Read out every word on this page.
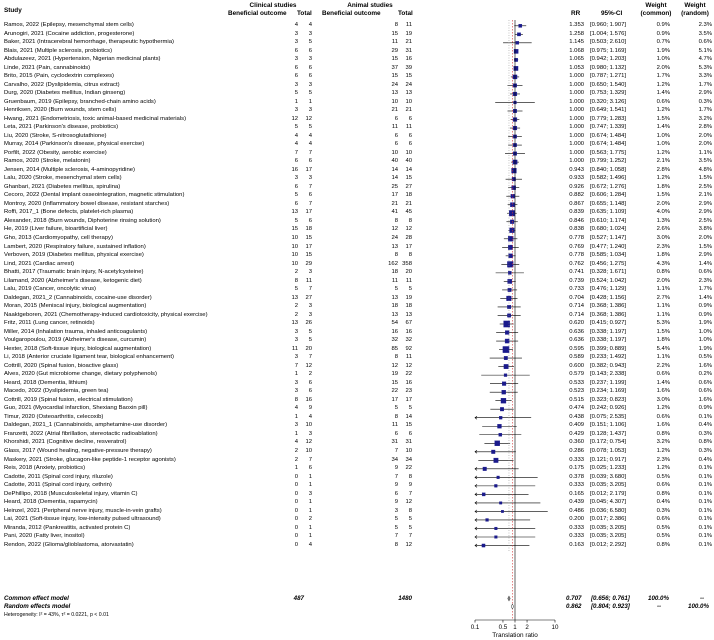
Study
Clinical studies	Animal studies
Beneficial outcome Total Beneficial outcome	Total	RR	95%-CI
Weight
(common)
Weight
(random)
Ramos, 2022 (Epilepsy, mesenchymal stem cells)	4	4	8	11	1.353 [0.960; 1.907]	0.9%	2.3%
Arunogiri, 2021 (Cocaine addiction, progesterone)	3	3	15	19	1.258 [1.004; 1.576]	0.9%	3.5%
Baker, 2021 (Intracerebral hemorrhage, therapeutic hypothermia)	3	5	11	21	1.145 [0.503; 2.610]	0.7%	0.6%
Blais, 2021 (Multiple sclerosis, probiotics)	6	6	29	31	1.068 [0.975; 1.169]	1.9%	5.1%
Abdulazeez, 2021 (Hypertension, Nigerian medicinal plants)	3	3	15	16	1.065 [0.942; 1.203]	1.0%	4.7%
Linde, 2021 (Pain, cannabinoids)	6	6	37	39	1.053 [0.980; 1.132]	2.0%	5.3%
Brito, 2015 (Pain, cyclodextrin complexes)	6	6	15	15	1.000 [0.787; 1.271]	1.7%	3.3%
Carvalho, 2022 (Dyslipidemia, citrus extract)	3	3	24	24	1.000 [0.650; 1.540]	1.2%	1.7%
Durg, 2020 (Diabetes mellitus, Indian ginseng)	5	5	13	13	1.000 [0.753; 1.329]	1.4%	2.9%
Gruenbaum, 2019 (Epilepsy, branched-chain amino acids)	1	1	10	10	1.000 [0.320; 3.126]	0.6%	0.3%
Henriksen, 2020 (Burn wounds, stem cells)	3	3	21	21	1.000 [0.649; 1.541]	1.2%	1.7%
Hwang, 2021 (Endometriosis, toxic animal-based medicinal materials)	12	12	6	6	1.000 [0.779; 1.283]	1.5%	3.2%
Leta, 2021 (Parkinson's disease, probiotics)	5	5	11	11	1.000 [0.747; 1.339]	1.4%	2.8%
Liu, 2020 (Stroke, S-nitrosoglutathione)	4	4	6	6	1.000 [0.674; 1.484]	1.0%	2.0%
Murray, 2014 (Parkinson's disease, physical exercise)	4	4	6	6	1.000 [0.674; 1.484]	1.0%	2.0%
Porfilt, 2022 (Obesity, aerobic exercise)	7	7	10	10	1.000 [0.563; 1.775]	1.2%	1.1%
Ramos, 2020 (Stroke, melatonin)	6	6	40	40	1.000 [0.799; 1.252]	2.1%	3.5%
Jensen, 2014 (Multiple sclerosis, 4-aminopyridine)	16	17	14	14	0.943 [0.840; 1.058]	2.8%	4.8%
Lalu, 2020 (Stroke, mesenchymal stem cells)	3	3	14	15	0.933 [0.582; 1.496]	1.2%	1.5%
Ghanbari, 2021 (Diabetes mellitus, spirulina)	6	7	25	27	0.926 [0.672; 1.276]	1.8%	2.5%
Cecoro, 2022 (Dental implant osseointegration, magnetic stimulation)	5	6	17	18	0.882 [0.606; 1.284]	1.5%	2.1%
Montroy, 2020 (Inflammatory bowel disease, resistant starches)	6	7	21	21	0.867 [0.655; 1.148]	2.0%	2.9%
Roffi, 2017_1 (Bone defects, platelet-rich plasma)	13	17	41	45	0.839 [0.635; 1.109]	4.0%	2.9%
Alexander, 2018 (Burn wounds, Diphoterine rinsing solution)	5	6	8	8	0.846 [0.610; 1.174]	1.3%	2.5%
He, 2019 (Liver failure, bioartificial liver)	15	18	12	12	0.838 [0.680; 1.024]	2.6%	3.8%
Gho, 2013 (Cardiomyopathy, cell therapy)	10	15	24	28	0.778 [0.527; 1.147]	3.0%	2.0%
Lambert, 2020 (Respiratory failure, sustained inflation)	10	17	13	17	0.769 [0.477; 1.240]	2.3%	1.5%
Verboven, 2019 (Diabetes mellitus, physical exercise)	10	15	8	8	0.778 [0.585; 1.034]	1.8%	2.9%
Lind, 2021 (Cardiac arrest)	10	29	162 358	0.762 [0.456; 1.275]	4.3%	1.4%
Bhatti, 2017 (Traumatic brain injury, N-acetylcysteine)	2	3	18	20	0.741 [0.328; 1.671]	0.8%	0.6%
Lilamand, 2020 (Alzheimer's disease, ketogenic diet)	8	11	11	11	0.739 [0.524; 1.042]	2.0%	2.3%
Lalu, 2019 (Cancer, oncolytic virus)	5	7	5	5	0.733 [0.476; 1.129]	1.1%	1.7%
Daldegan, 2021_2 (Cannabinoids, cocaine-use disorder)	13	27	13	19	0.704 [0.428; 1.156]	2.7%	1.4%
Moran, 2015 (Meniscal injury, biological augmentation)	2	3	18	18	0.714 [0.368; 1.386]	1.1%	0.9%
Naaktgeboren, 2021 (Chemotherapy-induced cardiotoxicity, physical exercise)	2	3	13	13	0.714 [0.368; 1.386]	1.1%	0.9%
Fritz, 2011 (Lung cancer, retinoids)	13	26	54	67	0.620 [0.415; 0.927]	5.3%	1.9%
Miller, 2014 (Inhalation trauma, inhaled anticoagulants)	3	5	16	16	0.636 [0.338; 1.197]	1.5%	1.0%
Voulgaropoulou, 2019 (Alzheimer's disease, curcumin)	3	5	32	32	0.636 [0.338; 1.197]	1.8%	1.0%
Hexter, 2018 (Soft-tissue injury, biological augmentation)	11	20	85	92	0.595 [0.399; 0.889]	5.4%	1.9%
Li, 2018 (Anterior cruciate ligament tear, biological enhancement)	3	7	8	11	0.589 [0.233; 1.492]	1.1%	0.5%
Cottrill, 2020 (Spinal fusion, bioactive glass)	7	12	12	12	0.600 [0.382; 0.943]	2.2%	1.6%
Alves, 2020 (Gut microbiome change, dietary polyphenols)	1	2	19	22	0.579 [0.143; 2.338]	0.6%	0.2%
Heard, 2018 (Dementia, lithium)	3	6	15	16	0.533 [0.237; 1.199]	1.4%	0.6%
Macedo, 2022 (Dyslipidemia, green tea)	3	6	22	23	0.523 [0.234; 1.169]	1.6%	0.6%
Cottrill, 2019 (Spinal fusion, electrical stimulation)	8	16	17	17	0.515 [0.323; 0.823]	3.0%	1.6%
Guo, 2021 (Myocardial infarction, Shexiang Baoxin pill)	4	9	5	5	0.474 [0.242; 0.926]	1.2%	0.9%
Timur, 2020 (Osteoarthritis, celecoxib)	1	4	8	14	0.438 [0.075; 2.535]	0.6%	0.1%
Daldegan, 2021_1 (Cannabinoids, amphetamine-use disorder)	3	10	11	15	0.409 [0.151; 1.106]	1.6%	0.4%
Franzetti, 2022 (Atrial fibrillation, stereotactic radioablation)	1	3	6	6	0.429 [0.128; 1.437]	0.8%	0.3%
Khorshidi, 2021 (Cognitive decline, resveratrol)	4	12	31	31	0.360 [0.172; 0.754]	3.2%	0.8%
Glass, 2017 (Wound healing, negative-pressure therapy)	2	10	7	10	0.286 [0.078; 1.053]	1.2%	0.3%
Maskery, 2021 (Stroke, glucagon-like peptide-1 receptor agonists)	2	7	34	34	0.333 [0.121; 0.917]	2.3%	0.4%
Reis, 2018 (Anxiety, probiotics)	1	6	9	22	0.175 [0.025; 1.233]	1.2%	0.1%
Cadotte, 2011 (Spinal cord injury, riluzole)	0	1	7	8	0.378 [0.039; 3.680]	0.5%	0.1%
Cadotte, 2011 (Spinal cord injury, cethrin)	0	1	9	9	0.333 [0.035; 3.205]	0.6%	0.1%
DePhillipo, 2018 (Musculoskeletal injury, vitamin C)	0	3	6	7	0.165 [0.012; 2.179]	0.8%	0.1%
Heard, 2018 (Dementia, rapamycin)	0	1	9	12	0.439 [0.045; 4.307]	0.4%	0.1%
Heinzel, 2021 (Peripheral nerve injury, muscle-in-vein grafts)	0	1	3	8	0.486 [0.036; 6.580]	0.3%	0.1%
Lai, 2021 (Soft-tissue injury, low-intensity pulsed ultrasound)	0	2	5	5	0.200 [0.017; 2.386]	0.6%	0.1%
Miranda, 2012 (Pankreatitis, activated protein C)	0	1	5	5	0.333 [0.035; 3.205]	0.5%	0.1%
Pani, 2020 (Fatty liver, inositol)	0	1	7	7	0.333 [0.035; 3.205]	0.5%	0.1%
Rendon, 2022 (Glioma/glioblastoma, atorvastatin)	0	4	8	12	0.163 [0.012; 2.292]	0.8%	0.1%
Common effect model	487	1480	0.707 [0.656; 0.761]	100.0%	--
Random effects model	0.862 [0.804; 0.923]	--	100.0%
Heterogeneity: I² = 43%, τ² = 0.0221, p < 0.01
0.1	0.5 1 2	10
Translation ratio
